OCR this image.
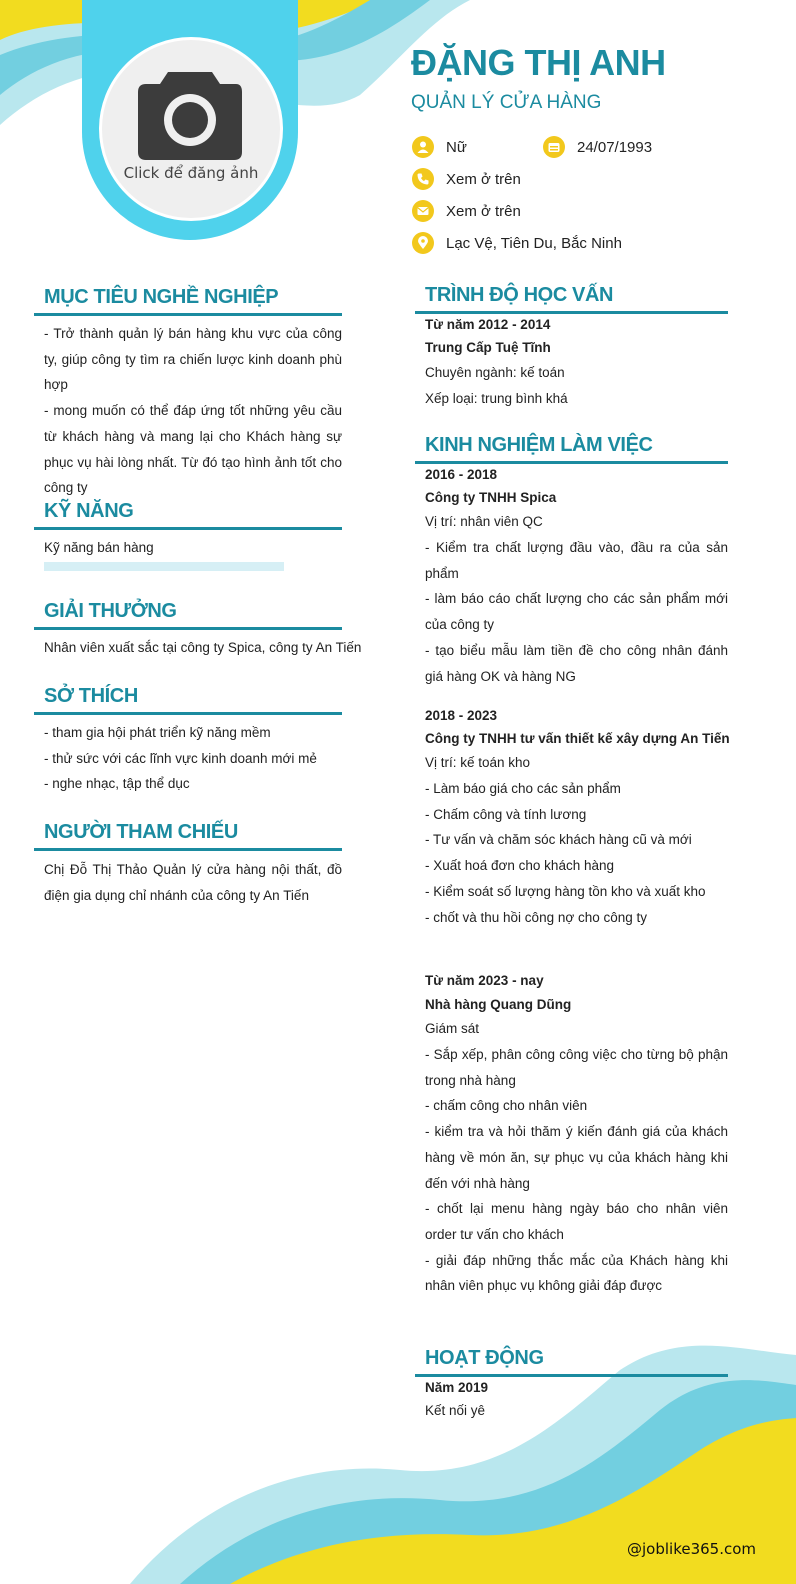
Click để đăng ảnh
ĐẶNG THỊ ANH
QUẢN LÝ CỬA HÀNG
Nữ	24/07/1993
Xem ở trên
Xem ở trên
Lạc Vệ, Tiên Du, Bắc Ninh
MỤC TIÊU NGHỀ NGHIỆP
- Trở thành quản lý bán hàng khu vực của công ty, giúp công ty tìm ra chiến lược kinh doanh phù hợp
- mong muốn có thể đáp ứng tốt những yêu cầu từ khách hàng và mang lại cho Khách hàng sự phục vụ hài lòng nhất. Từ đó tạo hình ảnh tốt cho công ty
KỸ NĂNG
Kỹ năng bán hàng
GIẢI THƯỞNG
Nhân viên xuất sắc tại công ty Spica, công ty An Tiến
SỞ THÍCH
- tham gia hội phát triển kỹ năng mềm
- thử sức với các lĩnh vực kinh doanh mới mẻ
- nghe nhạc, tập thể dục
NGƯỜI THAM CHIẾU
Chị Đỗ Thị Thảo Quản lý cửa hàng nội thất, đồ điện gia dụng chỉ nhánh của công ty An Tiến
TRÌNH ĐỘ HỌC VẤN
Từ năm 2012 - 2014
Trung Cấp Tuệ Tĩnh
Chuyên ngành: kế toán
Xếp loại: trung bình khá
KINH NGHIỆM LÀM VIỆC
2016 - 2018
Công ty TNHH Spica
Vị trí: nhân viên QC
- Kiểm tra chất lượng đầu vào, đầu ra của sản phẩm
- làm báo cáo chất lượng cho các sản phẩm mới của công ty
- tạo biểu mẫu làm tiền đề cho công nhân đánh giá hàng OK và hàng NG
2018 - 2023
Công ty TNHH tư vấn thiết kế xây dựng An Tiến
Vị trí: kế toán kho
- Làm báo giá cho các sản phẩm
- Chấm công và tính lương
- Tư vấn và chăm sóc khách hàng cũ và mới
- Xuất hoá đơn cho khách hàng
- Kiểm soát số lượng hàng tồn kho và xuất kho
- chốt và thu hồi công nợ cho công ty
Từ năm 2023 - nay
Nhà hàng Quang Dũng
Giám sát
- Sắp xếp, phân công công việc cho từng bộ phận trong nhà hàng
- chấm công cho nhân viên
- kiểm tra và hỏi thăm ý kiến đánh giá của khách hàng về món ăn, sự phục vụ của khách hàng khi đến với nhà hàng
- chốt lại menu hàng ngày báo cho nhân viên order tư vấn cho khách
- giải đáp những thắc mắc của Khách hàng khi nhân viên phục vụ không giải đáp được
HOẠT ĐỘNG
Năm 2019
Kết nối yê
@joblike365.com
